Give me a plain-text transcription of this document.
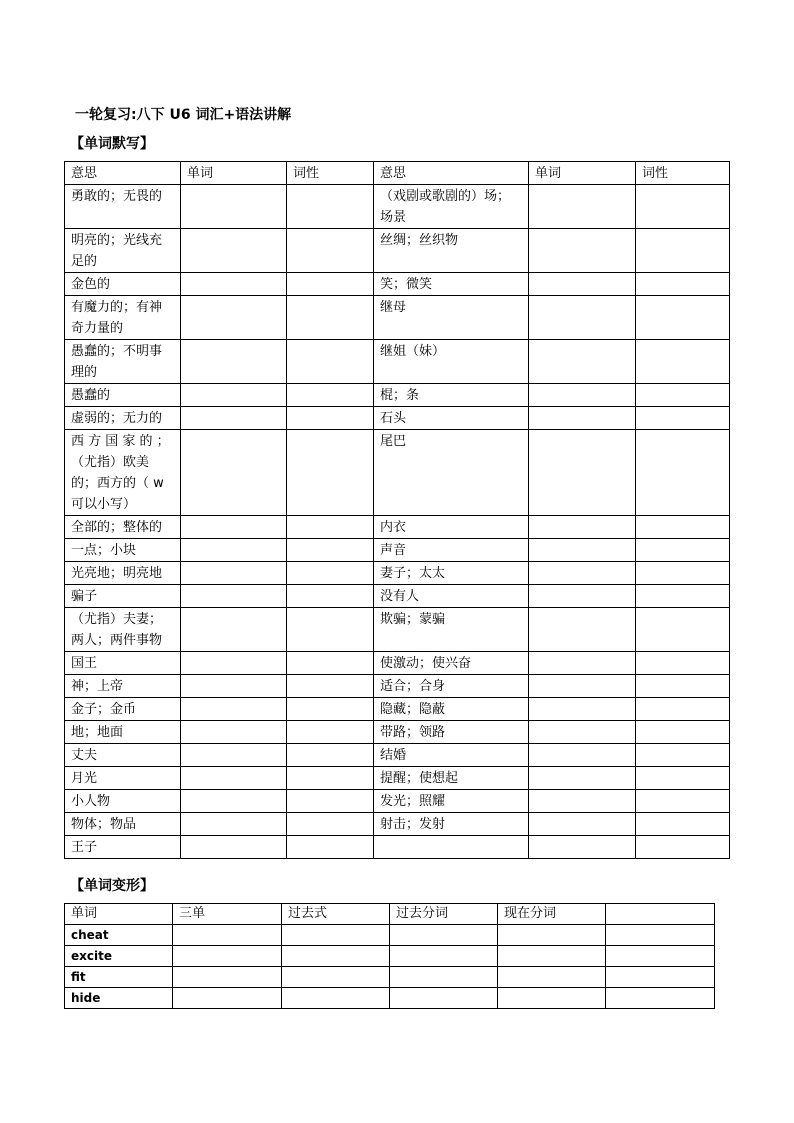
一轮复习:八下 U6 词汇+语法讲解
【单词默写】
意思	单词	词性	意思	单词	词性
勇敢的；无畏的			（戏剧或歌剧的）场；场景		
明亮的；光线充足的			丝绸；丝织物		
金色的			笑；微笑		
有魔力的；有神奇力量的			继母		
愚蠢的；不明事理的			继姐（妹）		
愚蠢的			棍；条		
虚弱的；无力的			石头		
西 方 国 家 的 ；（尤指）欧美的；西方的（ w 可以小写）			尾巴		
全部的；整体的			内衣		
一点；小块			声音		
光亮地；明亮地			妻子；太太		
骗子			没有人		
（尤指）夫妻；两人；两件事物			欺骗；蒙骗		
国王			使激动；使兴奋		
神；上帝			适合；合身		
金子；金币			隐藏；隐蔽		
地；地面			带路；领路		
丈夫			结婚		
月光			提醒；使想起		
小人物			发光；照耀		
物体；物品			射击；发射		
王子					
【单词变形】
单词	三单	过去式	过去分词	现在分词	
cheat					
excite					
fit					
hide					
